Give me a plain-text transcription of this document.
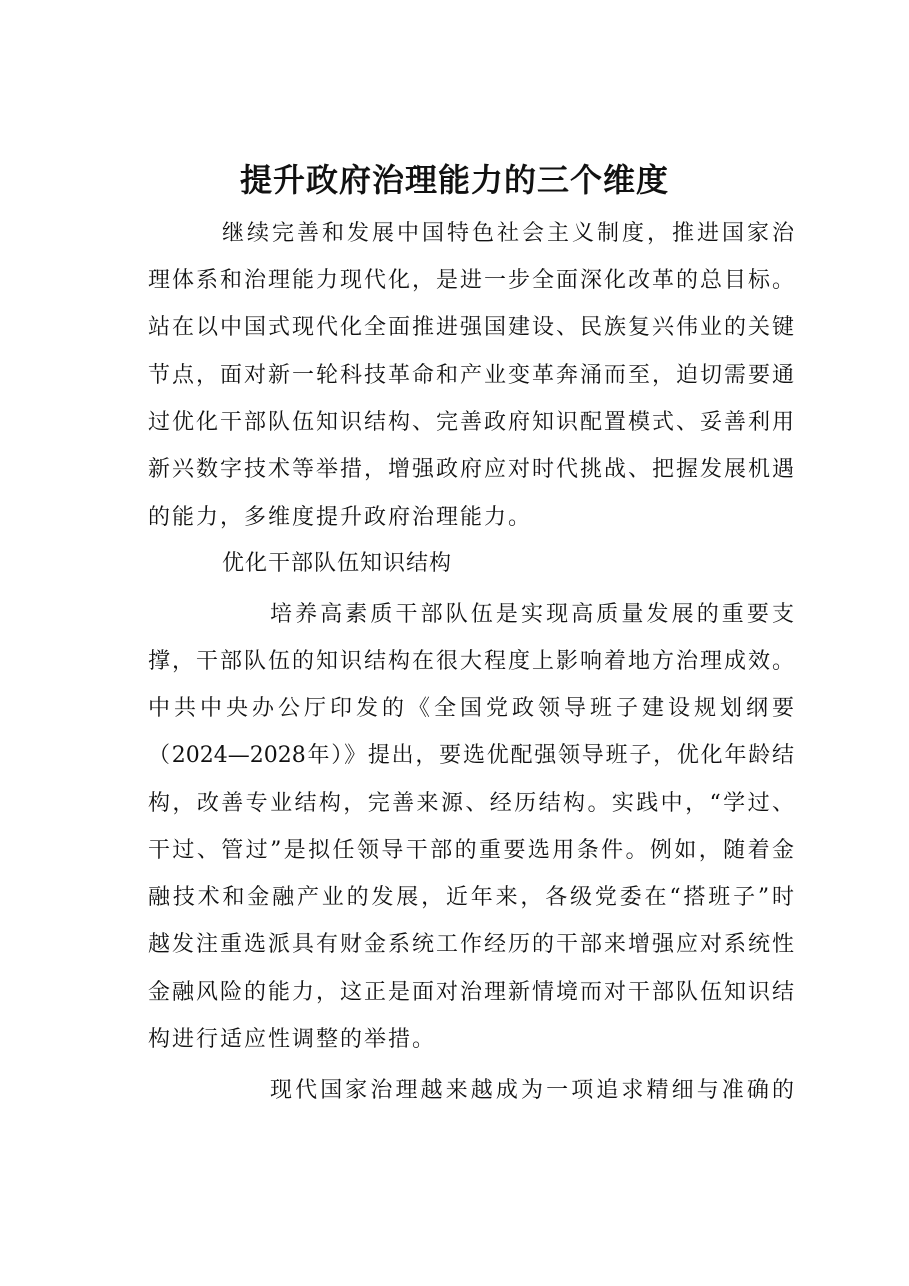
提升政府治理能力的三个维度
继续完善和发展中国特色社会主义制度，推进国家治
理体系和治理能力现代化，是进一步全面深化改革的总目标。
站在以中国式现代化全面推进强国建设、民族复兴伟业的关键
节点，面对新一轮科技革命和产业变革奔涌而至，迫切需要通
过优化干部队伍知识结构、完善政府知识配置模式、妥善利用
新兴数字技术等举措，增强政府应对时代挑战、把握发展机遇
的能力，多维度提升政府治理能力。
优化干部队伍知识结构
培养高素质干部队伍是实现高质量发展的重要支
撑，干部队伍的知识结构在很大程度上影响着地方治理成效。
中共中央办公厅印发的《全国党政领导班子建设规划纲要
（2024—2028年）》提出，要选优配强领导班子，优化年龄结
构，改善专业结构，完善来源、经历结构。实践中，“学过、
干过、管过”是拟任领导干部的重要选用条件。例如，随着金
融技术和金融产业的发展，近年来，各级党委在“搭班子”时
越发注重选派具有财金系统工作经历的干部来增强应对系统性
金融风险的能力，这正是面对治理新情境而对干部队伍知识结
构进行适应性调整的举措。
现代国家治理越来越成为一项追求精细与准确的
